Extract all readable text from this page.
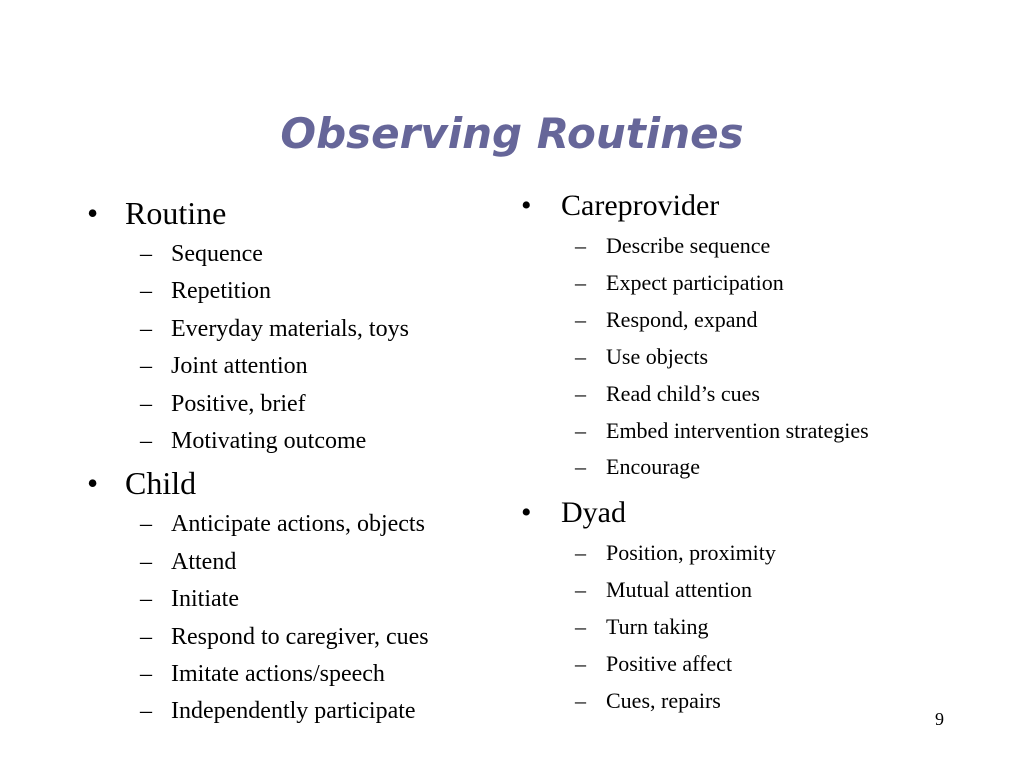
Observing Routines
• Routine
– Sequence
– Repetition
– Everyday materials, toys
– Joint attention
– Positive, brief
– Motivating outcome
• Child
– Anticipate actions, objects
– Attend
– Initiate
– Respond to caregiver, cues
– Imitate actions/speech
– Independently participate
• Careprovider
– Describe sequence
– Expect participation
– Respond, expand
– Use objects
– Read child’s cues
– Embed intervention strategies
– Encourage
• Dyad
– Position, proximity
– Mutual attention
– Turn taking
– Positive affect
– Cues, repairs
9
